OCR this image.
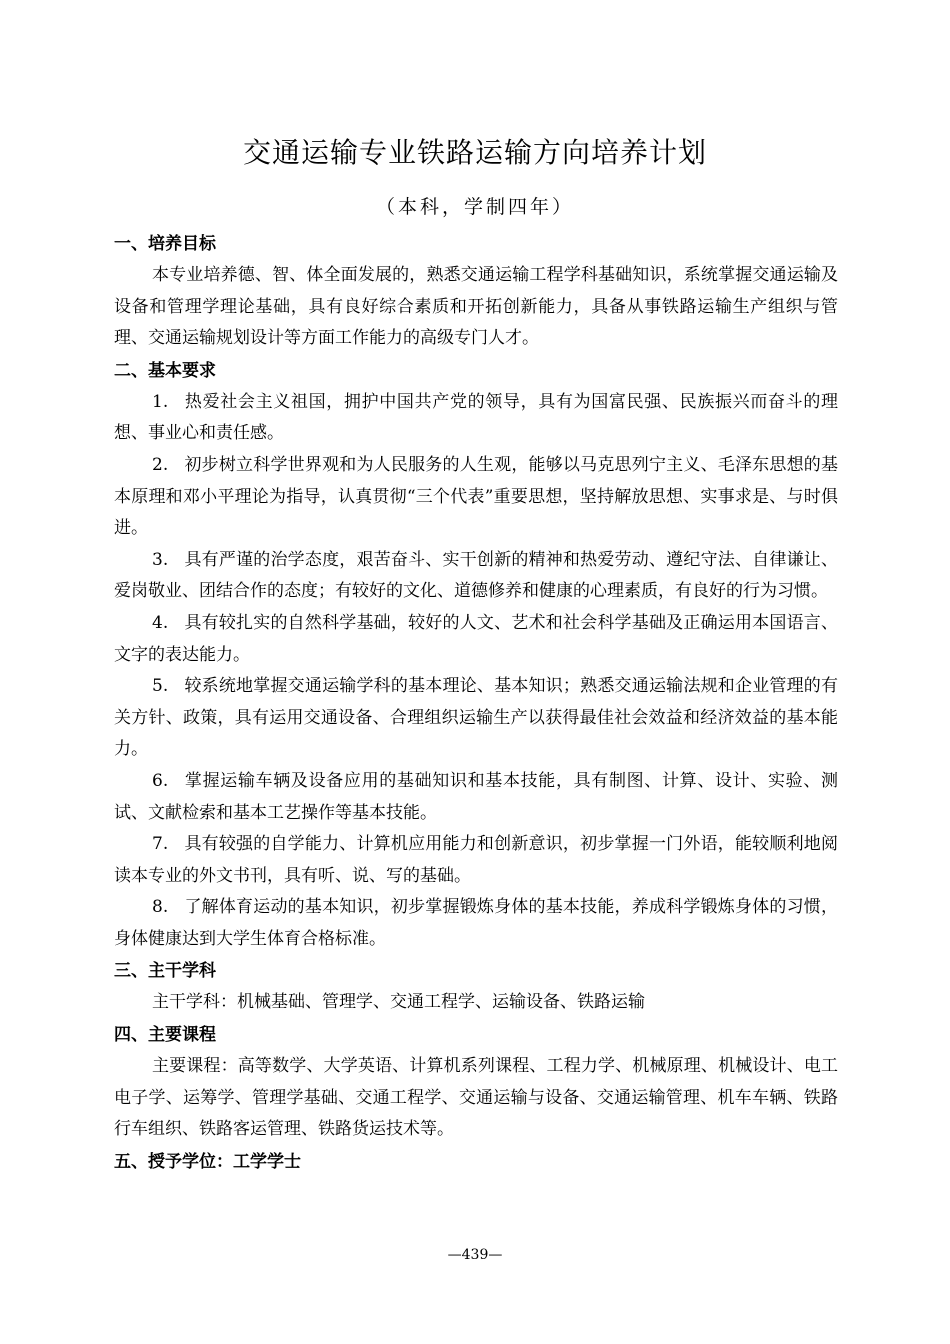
交通运输专业铁路运输方向培养计划
（本科，学制四年）
一、培养目标
本专业培养德、智、体全面发展的，熟悉交通运输工程学科基础知识，系统掌握交通运输及设备和管理学理论基础，具有良好综合素质和开拓创新能力，具备从事铁路运输生产组织与管理、交通运输规划设计等方面工作能力的高级专门人才。
二、基本要求
1. 热爱社会主义祖国，拥护中国共产党的领导，具有为国富民强、民族振兴而奋斗的理想、事业心和责任感。
2. 初步树立科学世界观和为人民服务的人生观，能够以马克思列宁主义、毛泽东思想的基本原理和邓小平理论为指导，认真贯彻“三个代表”重要思想，坚持解放思想、实事求是、与时俱进。
3. 具有严谨的治学态度，艰苦奋斗、实干创新的精神和热爱劳动、遵纪守法、自律谦让、爱岗敬业、团结合作的态度；有较好的文化、道德修养和健康的心理素质，有良好的行为习惯。
4. 具有较扎实的自然科学基础，较好的人文、艺术和社会科学基础及正确运用本国语言、文字的表达能力。
5. 较系统地掌握交通运输学科的基本理论、基本知识；熟悉交通运输法规和企业管理的有关方针、政策，具有运用交通设备、合理组织运输生产以获得最佳社会效益和经济效益的基本能力。
6. 掌握运输车辆及设备应用的基础知识和基本技能，具有制图、计算、设计、实验、测试、文献检索和基本工艺操作等基本技能。
7. 具有较强的自学能力、计算机应用能力和创新意识，初步掌握一门外语，能较顺利地阅读本专业的外文书刊，具有听、说、写的基础。
8. 了解体育运动的基本知识，初步掌握锻炼身体的基本技能，养成科学锻炼身体的习惯，身体健康达到大学生体育合格标准。
三、主干学科
主干学科：机械基础、管理学、交通工程学、运输设备、铁路运输
四、主要课程
主要课程：高等数学、大学英语、计算机系列课程、工程力学、机械原理、机械设计、电工电子学、运筹学、管理学基础、交通工程学、交通运输与设备、交通运输管理、机车车辆、铁路行车组织、铁路客运管理、铁路货运技术等。
五、授予学位：工学学士
—439—
